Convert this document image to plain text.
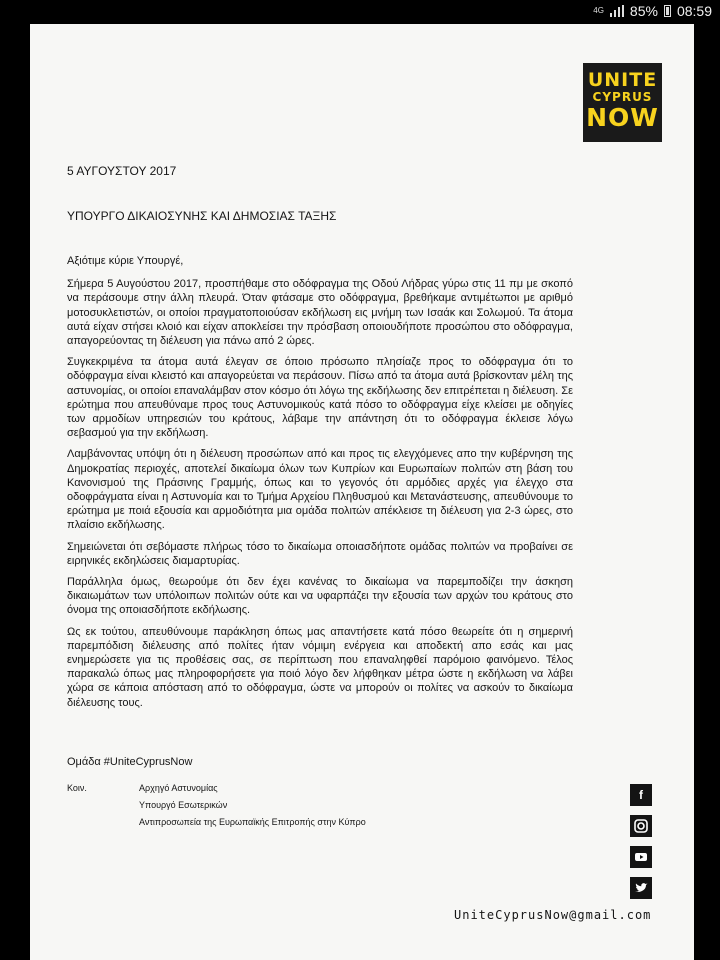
4G 85% 08:59
UNITE
CYPRUS
NOW
5 ΑΥΓΟΥΣΤΟΥ 2017
ΥΠΟΥΡΓΟ ΔΙΚΑΙΟΣΥΝΗΣ ΚΑΙ ΔΗΜΟΣΙΑΣ ΤΑΞΗΣ

Αξιότιμε κύριε Υπουργέ,

Σήμερα 5 Αυγούστου 2017, προσπήθαμε στο οδόφραγμα της Οδού Λήδρας γύρω στις 11 πμ με σκοπό να περάσουμε στην άλλη πλευρά. Όταν φτάσαμε στο οδόφραγμα, βρεθήκαμε αντιμέτωποι με αριθμό μοτοσυκλετιστών, οι οποίοι πραγματοποιούσαν εκδήλωση εις μνήμη των Ισαάκ και Σολωμού. Τα άτομα αυτά είχαν στήσει κλοιό και είχαν αποκλείσει την πρόσβαση οποιουδήποτε προσώπου στο οδόφραγμα, απαγορεύοντας τη διέλευση για πάνω από 2 ώρες.

Συγκεκριμένα τα άτομα αυτά έλεγαν σε όποιο πρόσωπο πλησίαζε προς το οδόφραγμα ότι το οδόφραγμα είναι κλειστό και απαγορεύεται να περάσουν. Πίσω από τα άτομα αυτά βρίσκονταν μέλη της αστυνομίας, οι οποίοι επαναλάμβαν στον κόσμο ότι λόγω της εκδήλωσης δεν επιτρέπεται η διέλευση. Σε ερώτημα που απευθύναμε προς τους Αστυνομικούς κατά πόσο το οδόφραγμα είχε κλείσει με οδηγίες των αρμοδίων υπηρεσιών του κράτους, λάβαμε την απάντηση ότι το οδόφραγμα έκλεισε λόγω σεβασμού για την εκδήλωση.

Λαμβάνοντας υπόψη ότι η διέλευση προσώπων από και προς τις ελεγχόμενες απο την κυβέρνηση της Δημοκρατίας περιοχές, αποτελεί δικαίωμα όλων των Κυπρίων και Ευρωπαίων πολιτών στη βάση του Κανονισμού της Πράσινης Γραμμής, όπως και το γεγονός ότι αρμόδιες αρχές για έλεγχο στα οδοφράγματα είναι η Αστυνομία και το Τμήμα Αρχείου Πληθυσμού και Μετανάστευσης, απευθύνουμε το ερώτημα με ποιά εξουσία και αρμοδιότητα μια ομάδα πολιτών απέκλεισε τη διέλευση για 2-3 ώρες, στο πλαίσιο εκδήλωσης.

Σημειώνεται ότι σεβόμαστε πλήρως τόσο το δικαίωμα οποιασδήποτε ομάδας πολιτών να προβαίνει σε ειρηνικές εκδηλώσεις διαμαρτυρίας.

Παράλληλα όμως, θεωρούμε ότι δεν έχει κανένας το δικαίωμα να παρεμποδίζει την άσκηση δικαιωμάτων των υπόλοιπων πολιτών ούτε και να υφαρπάζει την εξουσία των αρχών του κράτους στο όνομα της οποιασδήποτε εκδήλωσης.

Ως εκ τούτου, απευθύνουμε παράκληση όπως μας απαντήσετε κατά πόσο θεωρείτε ότι η σημερινή παρεμπόδιση διέλευσης από πολίτες ήταν νόμιμη ενέργεια και αποδεκτή απο εσάς και μας ενημερώσετε για τις προθέσεις σας, σε περίπτωση που επαναληφθεί παρόμοιο φαινόμενο. Τέλος παρακαλώ όπως μας πληροφορήσετε για ποιό λόγο δεν λήφθηκαν μέτρα ώστε η εκδήλωση να λάβει χώρα σε κάποια απόσταση από το οδόφραγμα, ώστε να μπορούν οι πολίτες να ασκούν το δικαίωμα διέλευσης τους.

Ομάδα #UniteCyprusNow
Κοιν.	Αρχηγό Αστυνομίας
Υπουργό Εσωτερικών
Αντιπροσωπεία της Ευρωπαϊκής Επιτροπής στην Κύπρο
f
UniteCyprusNow@gmail.com
